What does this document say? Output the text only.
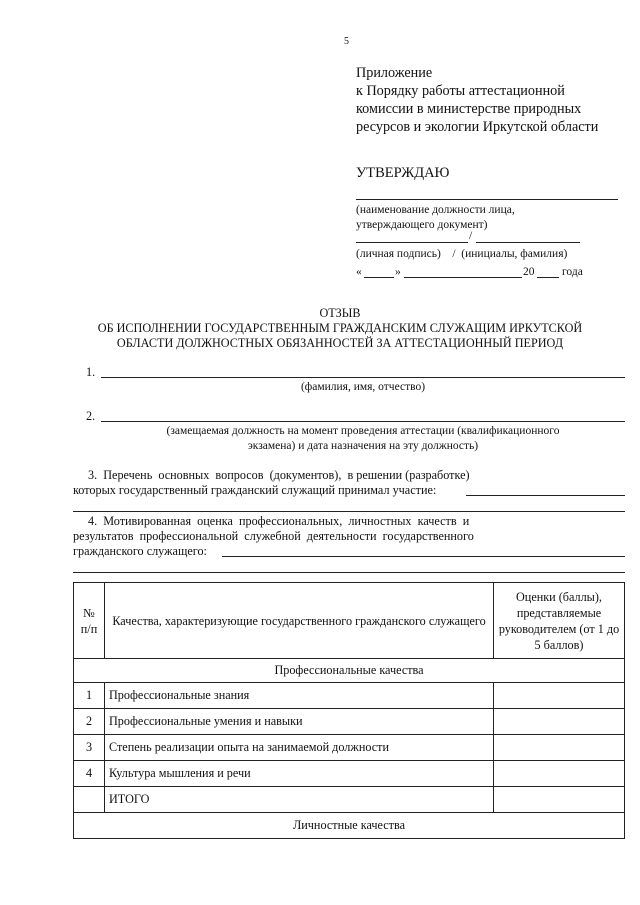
5
Приложение
к Порядку работы аттестационной
комиссии в министерстве природных
ресурсов и экологии Иркутской области
УТВЕРЖДАЮ
(наименование должности лица,
утверждающего документ)
/
(личная подпись)    /  (инициалы, фамилия)
«	»	20 года
ОТЗЫВ
ОБ ИСПОЛНЕНИИ ГОСУДАРСТВЕННЫМ ГРАЖДАНСКИМ СЛУЖАЩИМ ИРКУТСКОЙ
ОБЛАСТИ ДОЛЖНОСТНЫХ ОБЯЗАННОСТЕЙ ЗА АТТЕСТАЦИОННЫЙ ПЕРИОД
1.
(фамилия, имя, отчество)
2.
(замещаемая должность на момент проведения аттестации (квалификационного
экзамена) и дата назначения на эту должность)
3.  Перечень  основных  вопросов  (документов),  в решении (разработке)
которых государственный гражданский служащий принимал участие:
4.  Мотивированная  оценка  профессиональных,  личностных  качеств  и
результатов  профессиональной  служебной  деятельности  государственного
гражданского служащего:
№ п/п	Качества, характеризующие государственного гражданского служащего	Оценки (баллы), представляемые руководителем (от 1 до 5 баллов)
Профессиональные качества		
1	Профессиональные знания	
2	Профессиональные умения и навыки	
3	Степень реализации опыта на занимаемой должности	
4	Культура мышления и речи	
	ИТОГО	
Личностные качества		
